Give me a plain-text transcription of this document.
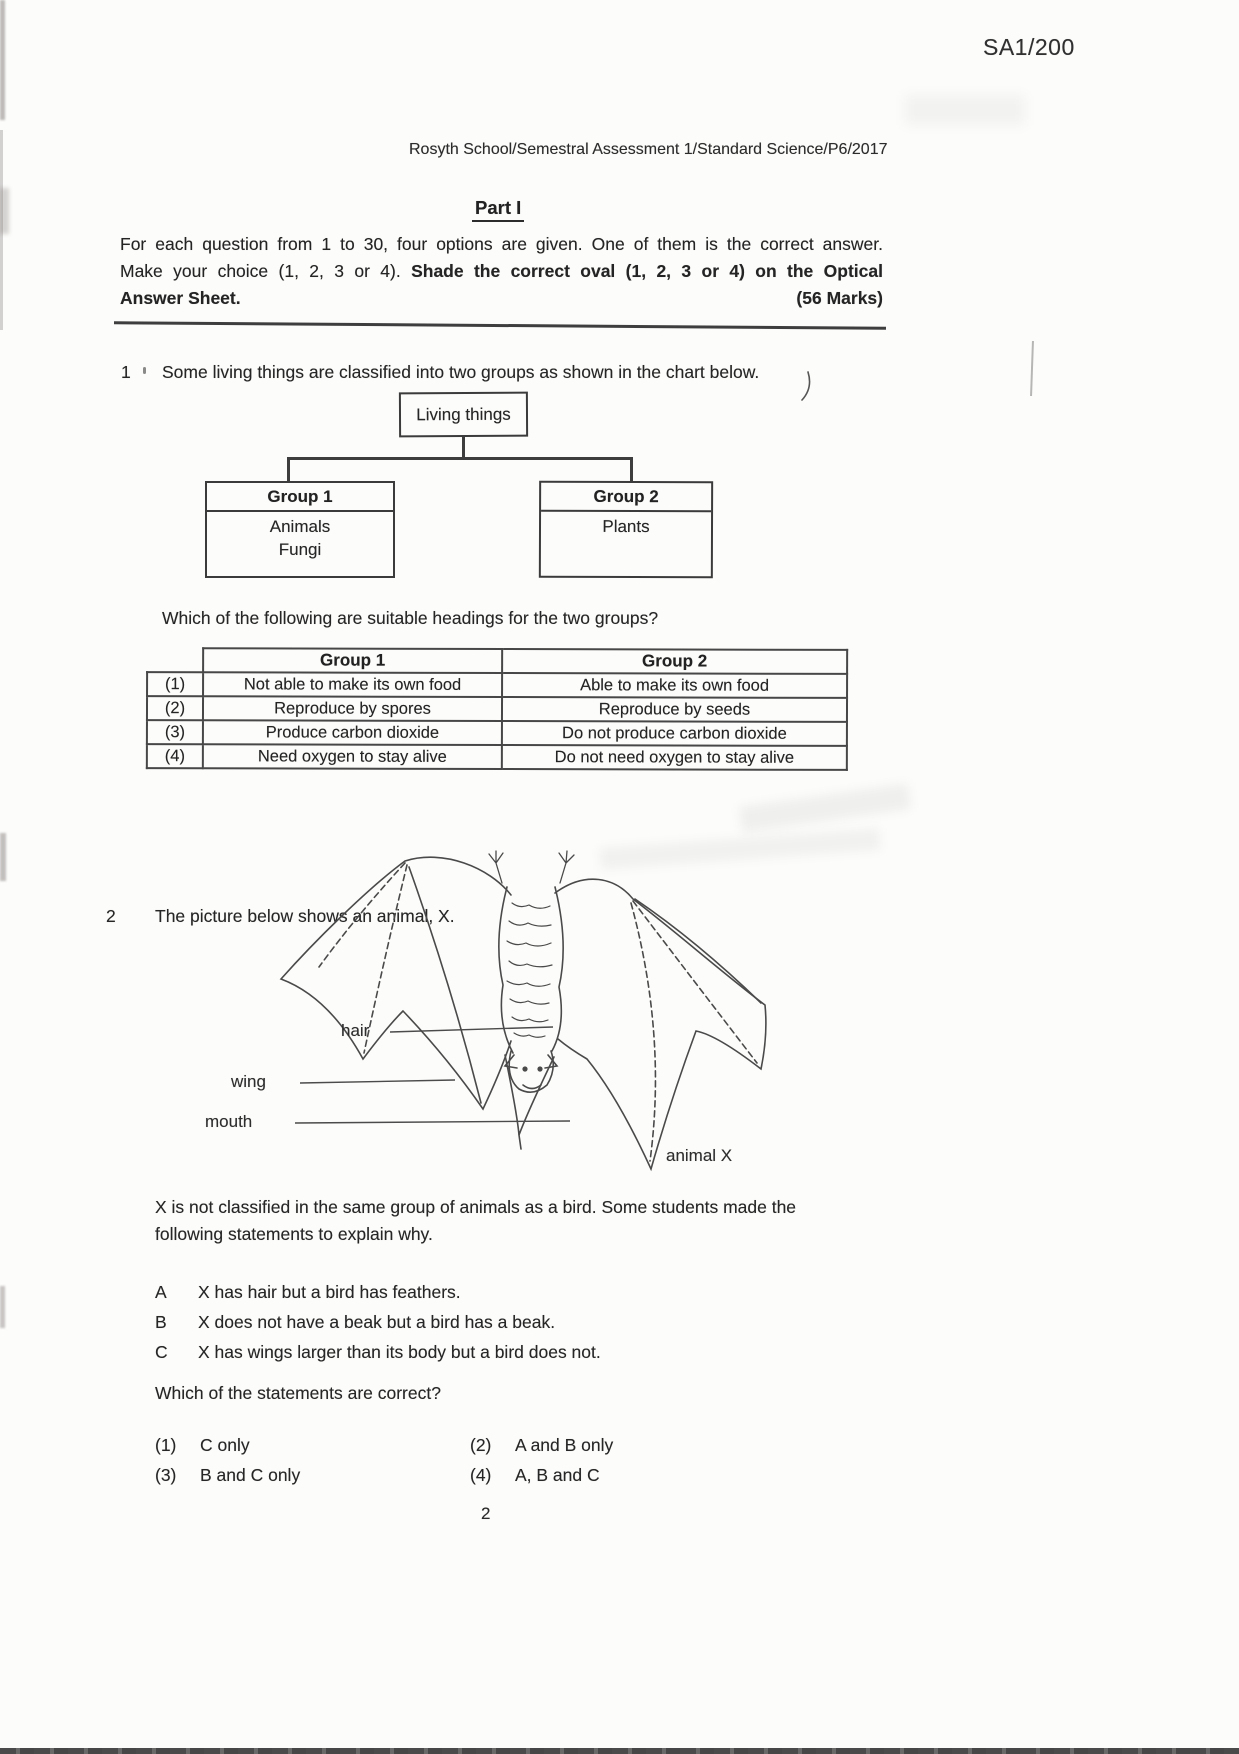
SA1/200
Rosyth School/Semestral Assessment 1/Standard Science/P6/2017
Part I
For each question from 1 to 30, four options are given. One of them is the correct answer.
Make your choice (1, 2, 3 or 4). Shade the correct oval (1, 2, 3 or 4) on the Optical
(56 Marks)
Answer Sheet.
1 Some living things are classified into two groups as shown in the chart below.
Living things
Group 1
Animals
Fungi
Group 2
Plants
Which of the following are suitable headings for the two groups?
	Group 1	Group 2
(1)	Not able to make its own food	Able to make its own food
(2)	Reproduce by spores	Reproduce by seeds
(3)	Produce carbon dioxide	Do not produce carbon dioxide
(4)	Need oxygen to stay alive	Do not need oxygen to stay alive
2 The picture below shows an animal, X.
hair
wing
mouth
animal X
X is not classified in the same group of animals as a bird. Some students made the following statements to explain why.
A X has hair but a bird has feathers.
B X does not have a beak but a bird has a beak.
C X has wings larger than its body but a bird does not.
Which of the statements are correct?
(1) C only	(2) A and B only
(3) B and C only	(4) A, B and C
2
